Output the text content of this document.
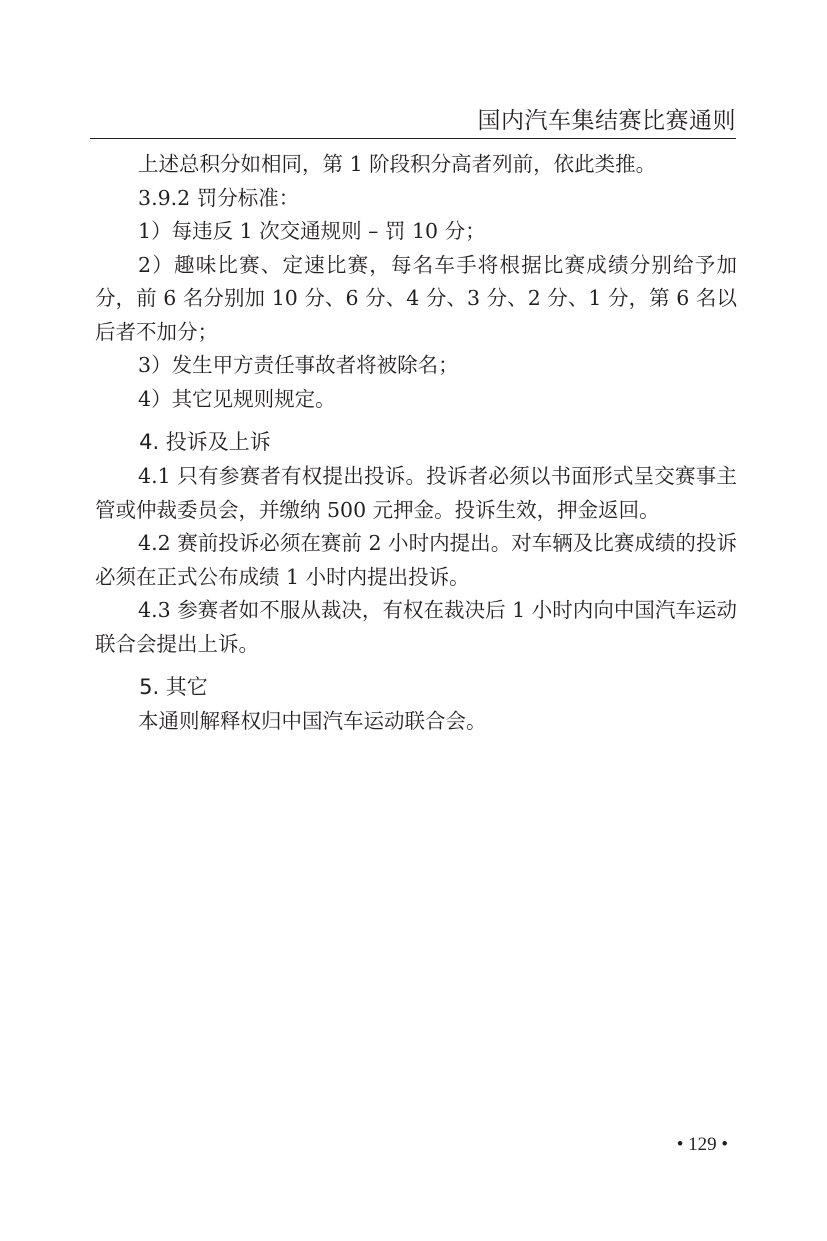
国内汽车集结赛比赛通则

上述总积分如相同，第 1 阶段积分高者列前，依此类推。

3.9.2 罚分标准：

1）每违反 1 次交通规则 – 罚 10 分；

2）趣味比赛、定速比赛，每名车手将根据比赛成绩分别给予加分，前 6 名分别加 10 分、6 分、4 分、3 分、2 分、1 分，第 6 名以后者不加分；

3）发生甲方责任事故者将被除名；

4）其它见规则规定。

4. 投诉及上诉

4.1 只有参赛者有权提出投诉。投诉者必须以书面形式呈交赛事主管或仲裁委员会，并缴纳 500 元押金。投诉生效，押金返回。

4.2 赛前投诉必须在赛前 2 小时内提出。对车辆及比赛成绩的投诉必须在正式公布成绩 1 小时内提出投诉。

4.3 参赛者如不服从裁决，有权在裁决后 1 小时内向中国汽车运动联合会提出上诉。

5. 其它

本通则解释权归中国汽车运动联合会。

• 129 •
